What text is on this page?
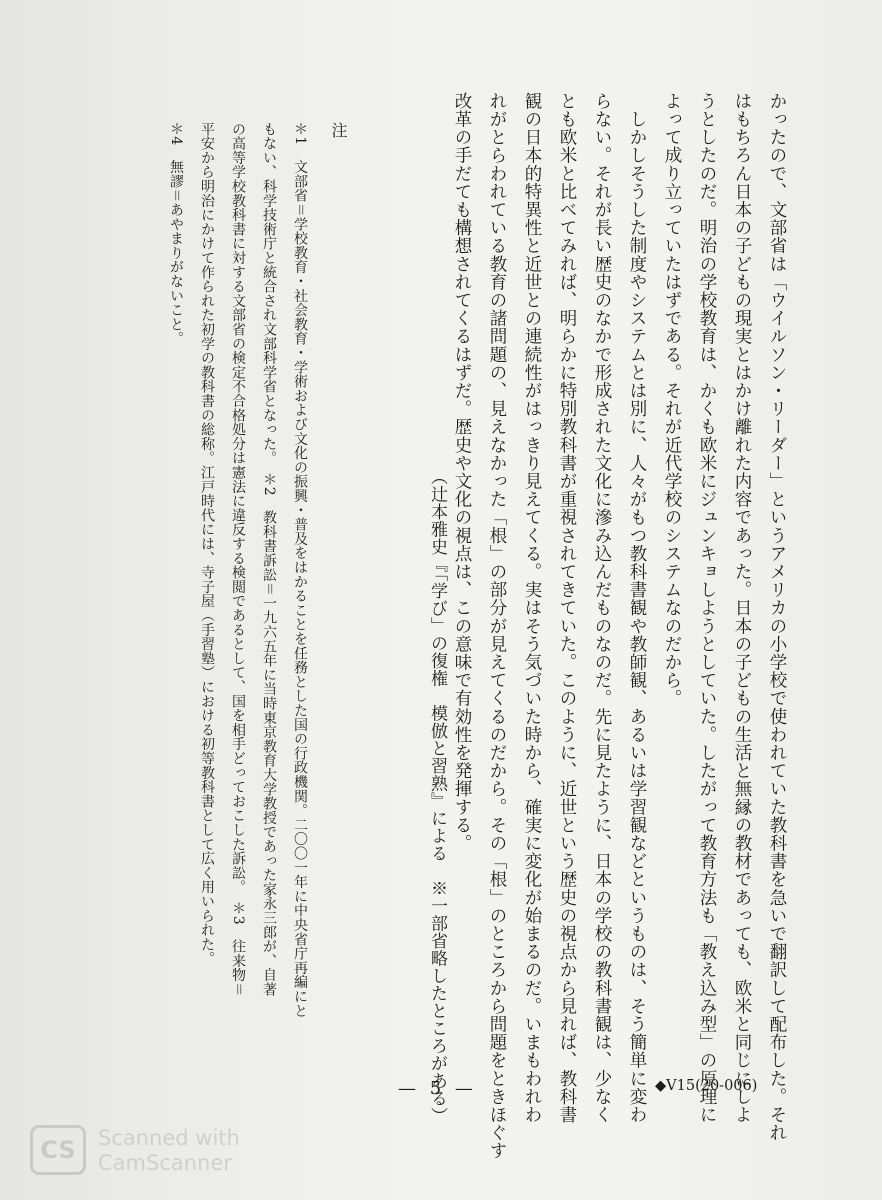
かったので、文部省は「ウイルソン・リーダー」というアメリカの小学校で使われていた教科書を急いで翻訳して配布した。それ

はもちろん日本の子どもの現実とはかけ離れた内容であった。日本の子どもの生活と無縁の教材であっても、欧米と同じにしよ

うとしたのだ。明治の学校教育は、かくも欧米にジュンキョしようとしていた。したがって教育方法も「教え込み型」の原理に

よって成り立っていたはずである。それが近代学校のシステムなのだから。

　しかしそうした制度やシステムとは別に、人々がもつ教科書観や教師観、あるいは学習観などというものは、そう簡単に変わ

らない。それが長い歴史のなかで形成された文化に滲み込んだものなのだ。先に見たように、日本の学校の教科書観は、少なく

とも欧米と比べてみれば、明らかに特別教科書が重視されてきていた。このように、近世という歴史の視点から見れば、教科書

観の日本的特異性と近世との連続性がはっきり見えてくる。実はそう気づいた時から、確実に変化が始まるのだ。いまもわれわ

れがとらわれている教育の諸問題の、見えなかった「根」の部分が見えてくるのだから。その「根」のところから問題をときほぐす

改革の手だても構想されてくるはずだ。歴史や文化の視点は、この意味で有効性を発揮する。

（辻本雅史『「学び」の復権　模倣と習熟』による　※一部省略したところがある）

注

＊1　文部省＝学校教育・社会教育・学術および文化の振興・普及をはかることを任務とした国の行政機関。二〇〇一年に中央省庁再編にと

もない、科学技術庁と統合され文部科学省となった。　＊2　教科書訴訟＝一九六五年に当時東京教育大学教授であった家永三郎が、自著

の高等学校教科書に対する文部省の検定不合格処分は憲法に違反する検閲であるとして、国を相手どっておこした訴訟。　＊3　往来物＝

平安から明治にかけて作られた初学の教科書の総称。江戸時代には、寺子屋（手習塾）における初等教科書として広く用いられた。

＊4　無謬＝あやまりがないこと。

— 5 —	◆V15(20-006)
CS	Scanned with
CamScanner
